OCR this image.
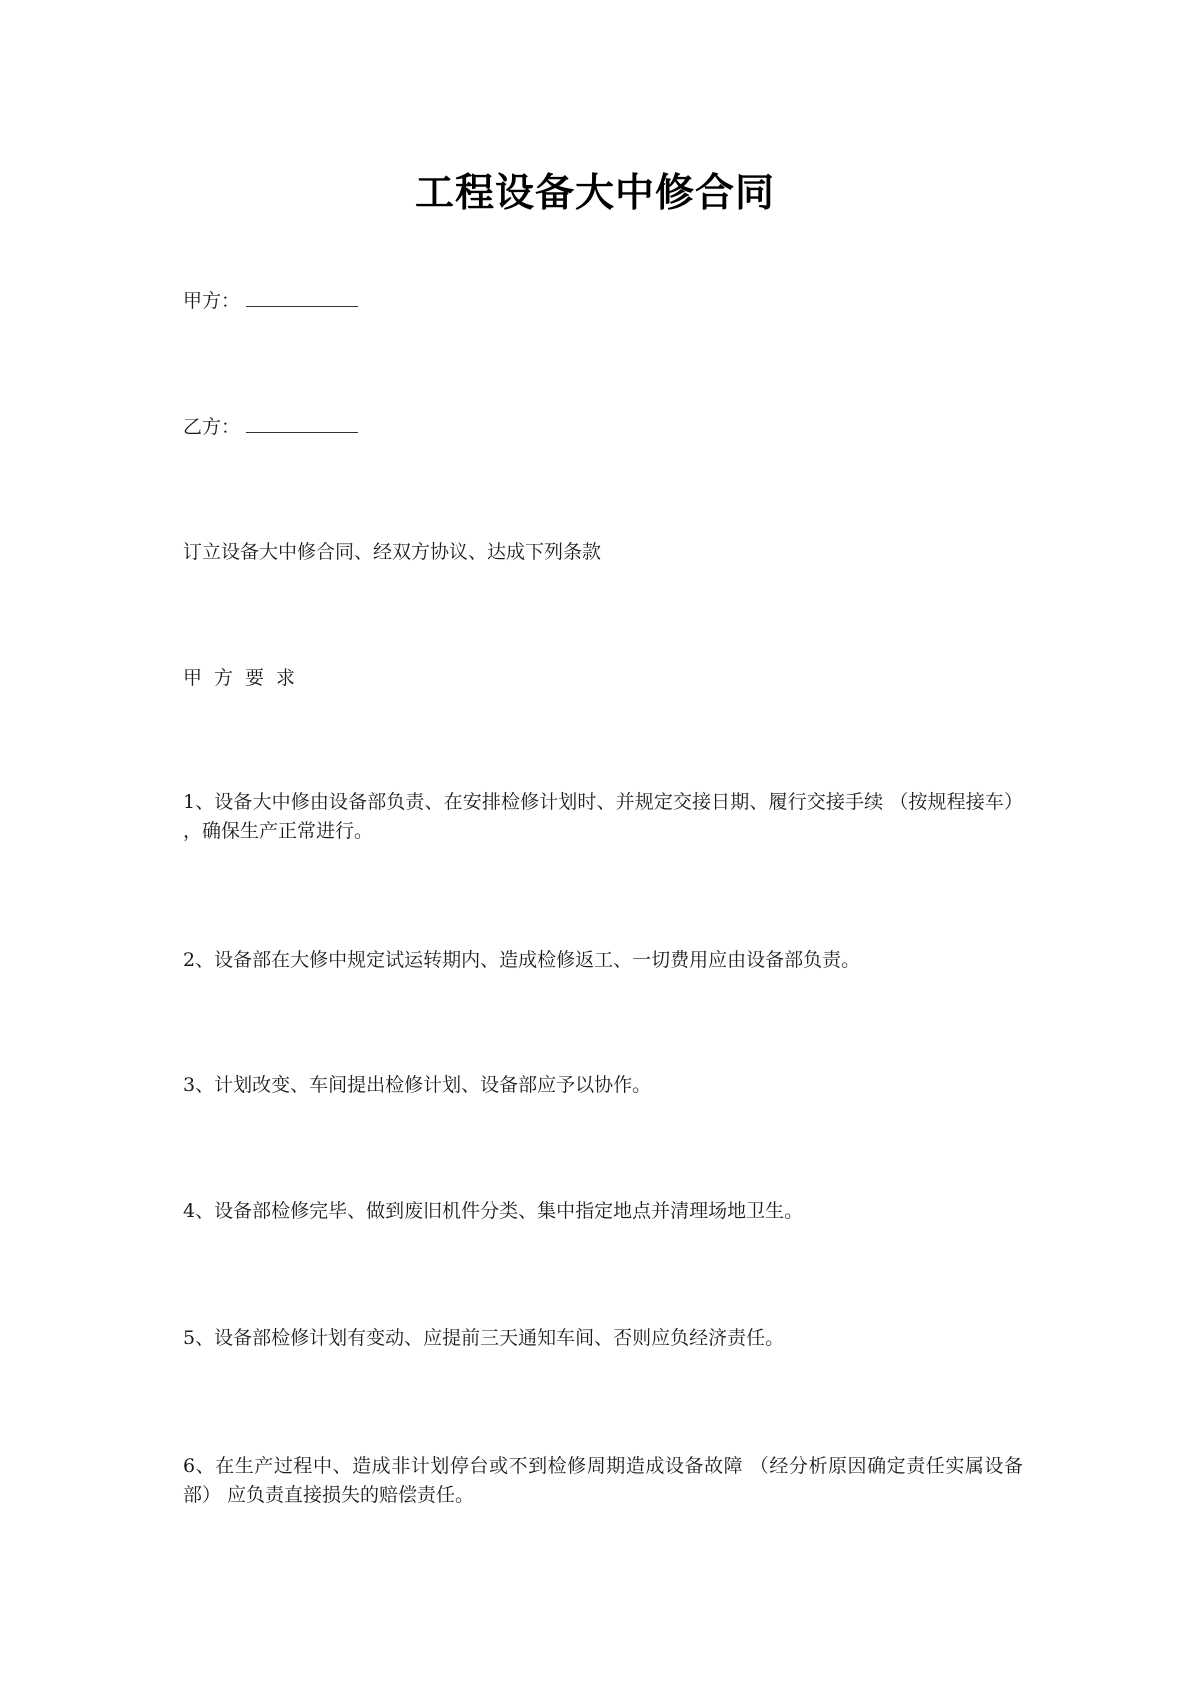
工程设备大中修合同
甲方：
乙方：
订立设备大中修合同、经双方协议、达成下列条款
甲方要求
1、设备大中修由设备部负责、在安排检修计划时、并规定交接日期、履行交接手续 （按规程接车） ，确保生产正常进行。
2、设备部在大修中规定试运转期内、造成检修返工、一切费用应由设备部负责。
3、计划改变、车间提出检修计划、设备部应予以协作。
4、设备部检修完毕、做到废旧机件分类、集中指定地点并清理场地卫生。
5、设备部检修计划有变动、应提前三天通知车间、否则应负经济责任。
6、在生产过程中、造成非计划停台或不到检修周期造成设备故障 （经分析原因确定责任实属设备部） 应负责直接损失的赔偿责任。
